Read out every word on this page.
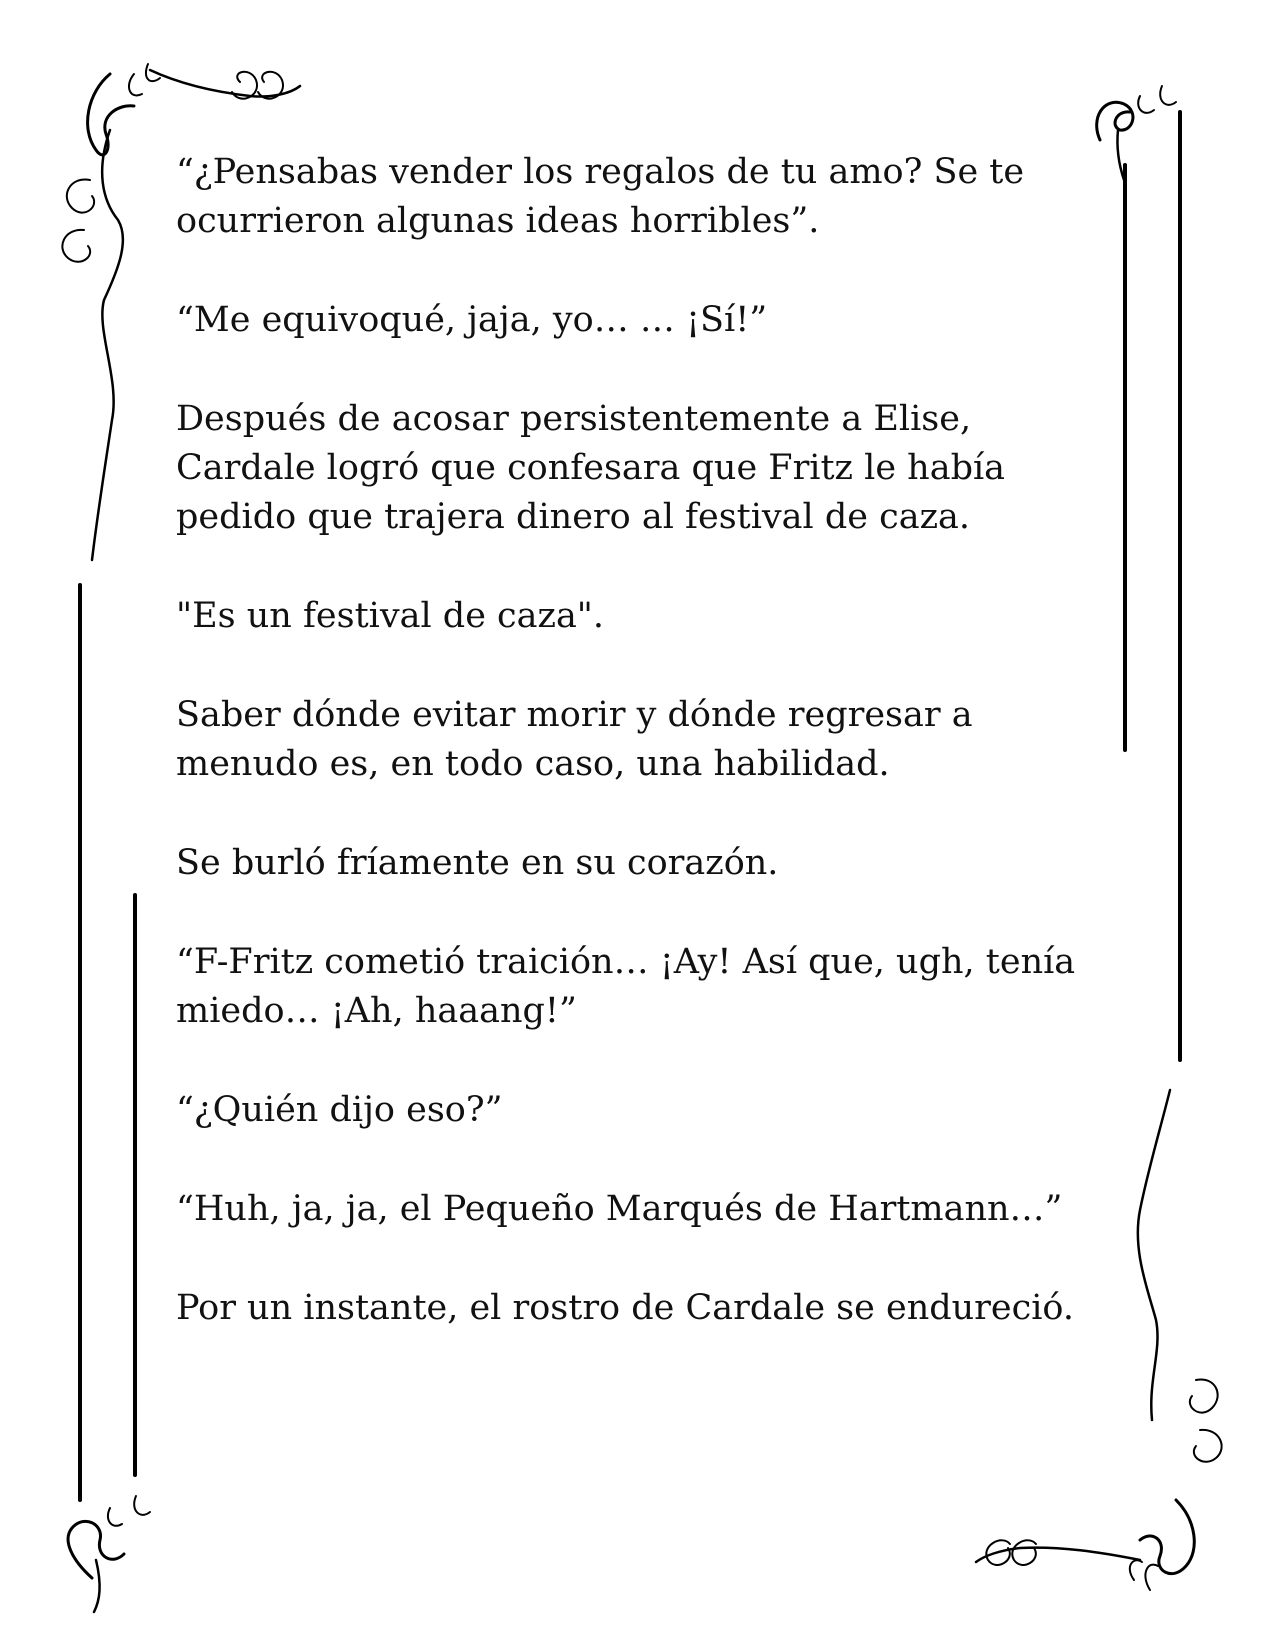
“¿Pensabas vender los regalos de tu amo? Se te ocurrieron algunas ideas horribles”.

“Me equivoqué, jaja, yo… … ¡Sí!”

Después de acosar persistentemente a Elise, Cardale logró que confesara que Fritz le había pedido que trajera dinero al festival de caza.

"Es un festival de caza".

Saber dónde evitar morir y dónde regresar a menudo es, en todo caso, una habilidad.

Se burló fríamente en su corazón.

“F-Fritz cometió traición… ¡Ay! Así que, ugh, tenía miedo… ¡Ah, haaang!”

“¿Quién dijo eso?”

“Huh, ja, ja, el Pequeño Marqués de Hartmann…”

Por un instante, el rostro de Cardale se endureció.
